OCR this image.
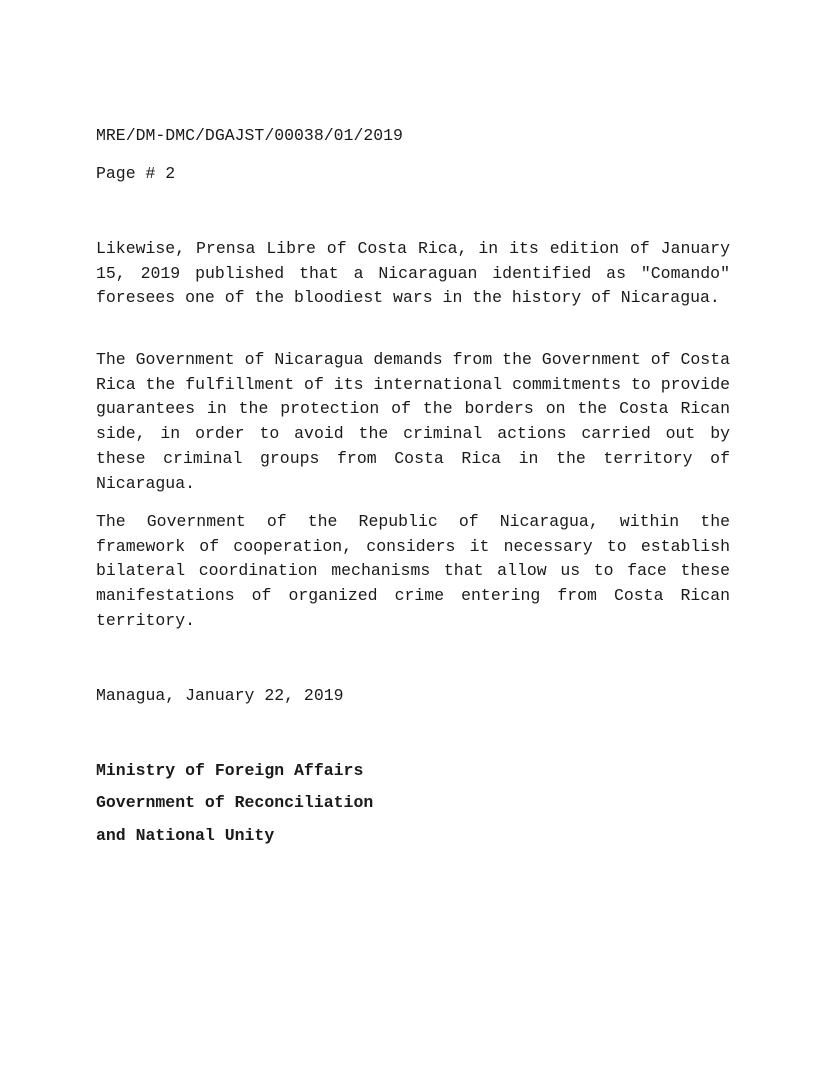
MRE/DM-DMC/DGAJST/00038/01/2019
Page # 2

Likewise, Prensa Libre of Costa Rica, in its edition of January 15, 2019 published that a Nicaraguan identified as "Comando" foresees one of the bloodiest wars in the history of Nicaragua.

The Government of Nicaragua demands from the Government of Costa Rica the fulfillment of its international commitments to provide guarantees in the protection of the borders on the Costa Rican side, in order to avoid the criminal actions carried out by these criminal groups from Costa Rica in the territory of Nicaragua.

The Government of the Republic of Nicaragua, within the framework of cooperation, considers it necessary to establish bilateral coordination mechanisms that allow us to face these manifestations of organized crime entering from Costa Rican territory.

Managua, January 22, 2019
Ministry of Foreign Affairs
Government of Reconciliation
and National Unity
